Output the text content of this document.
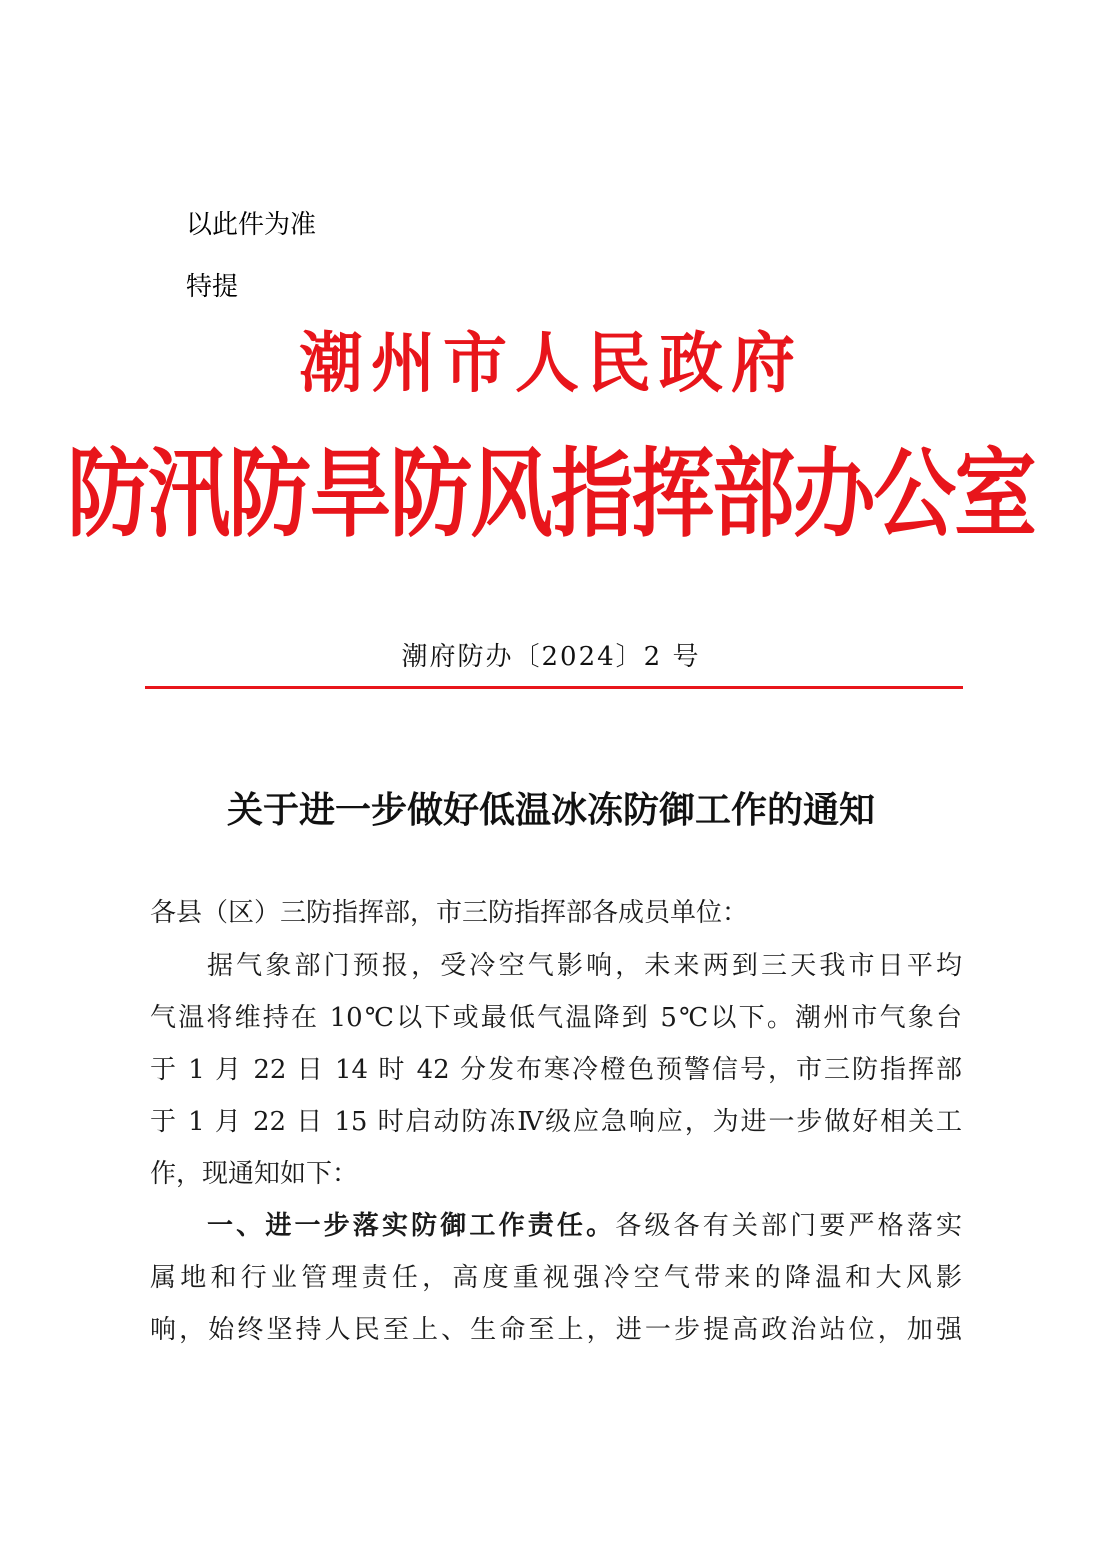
以此件为准
特提
潮州市人民政府
防汛防旱防风指挥部办公室
潮府防办〔2024〕2 号
关于进一步做好低温冰冻防御工作的通知
各县（区）三防指挥部，市三防指挥部各成员单位：
据气象部门预报，受冷空气影响，未来两到三天我市日平均
气温将维持在 10℃以下或最低气温降到 5℃以下。潮州市气象台
于 1 月 22 日 14 时 42 分发布寒冷橙色预警信号，市三防指挥部
于 1 月 22 日 15 时启动防冻Ⅳ级应急响应，为进一步做好相关工
作，现通知如下：
一、进一步落实防御工作责任。各级各有关部门要严格落实
属地和行业管理责任，高度重视强冷空气带来的降温和大风影
响，始终坚持人民至上、生命至上，进一步提高政治站位，加强
